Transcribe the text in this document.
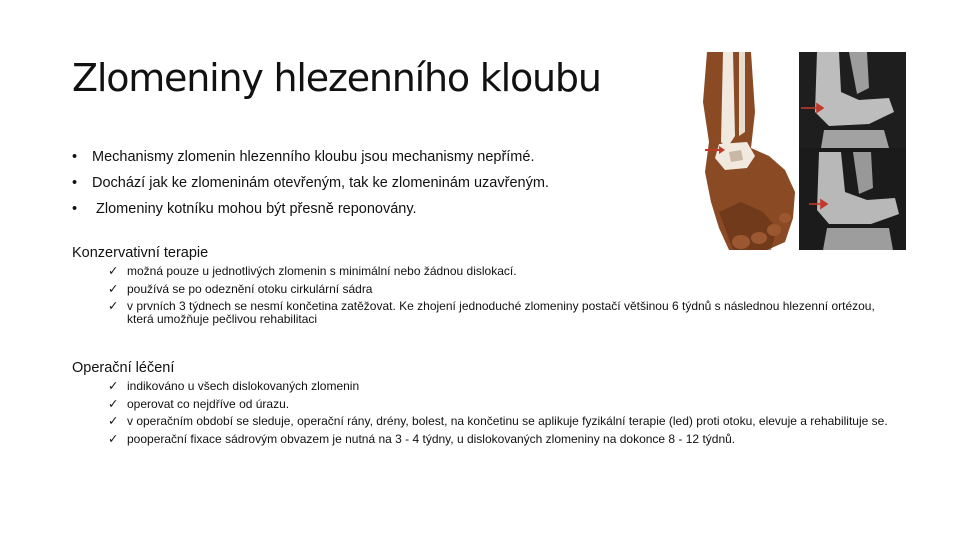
Zlomeniny hlezenního kloubu
• Mechanismy zlomenin hlezenního kloubu jsou mechanismy nepřímé.
• Dochází jak ke zlomeninám otevřeným, tak ke zlomeninám uzavřeným.
• Zlomeniny kotníku mohou být přesně reponovány.
Konzervativní terapie
✓ možná pouze u jednotlivých zlomenin s minimální nebo žádnou dislokací.
✓ používá se po odeznění otoku cirkulární sádra
✓ v prvních 3 týdnech se nesmí končetina zatěžovat. Ke zhojení jednoduché zlomeniny postačí většinou 6 týdnů s následnou hlezenní ortézou, která umožňuje pečlivou rehabilitaci
Operační léčení
✓ indikováno u všech dislokovaných zlomenin
✓ operovat co nejdříve od úrazu.
✓ v operačním období se sleduje, operační rány, drény, bolest, na končetinu se aplikuje fyzikální terapie (led) proti otoku, elevuje a rehabilituje se.
✓ pooperační fixace sádrovým obvazem je nutná na 3 - 4 týdny, u dislokovaných zlomeniny na dokonce 8 - 12 týdnů.
